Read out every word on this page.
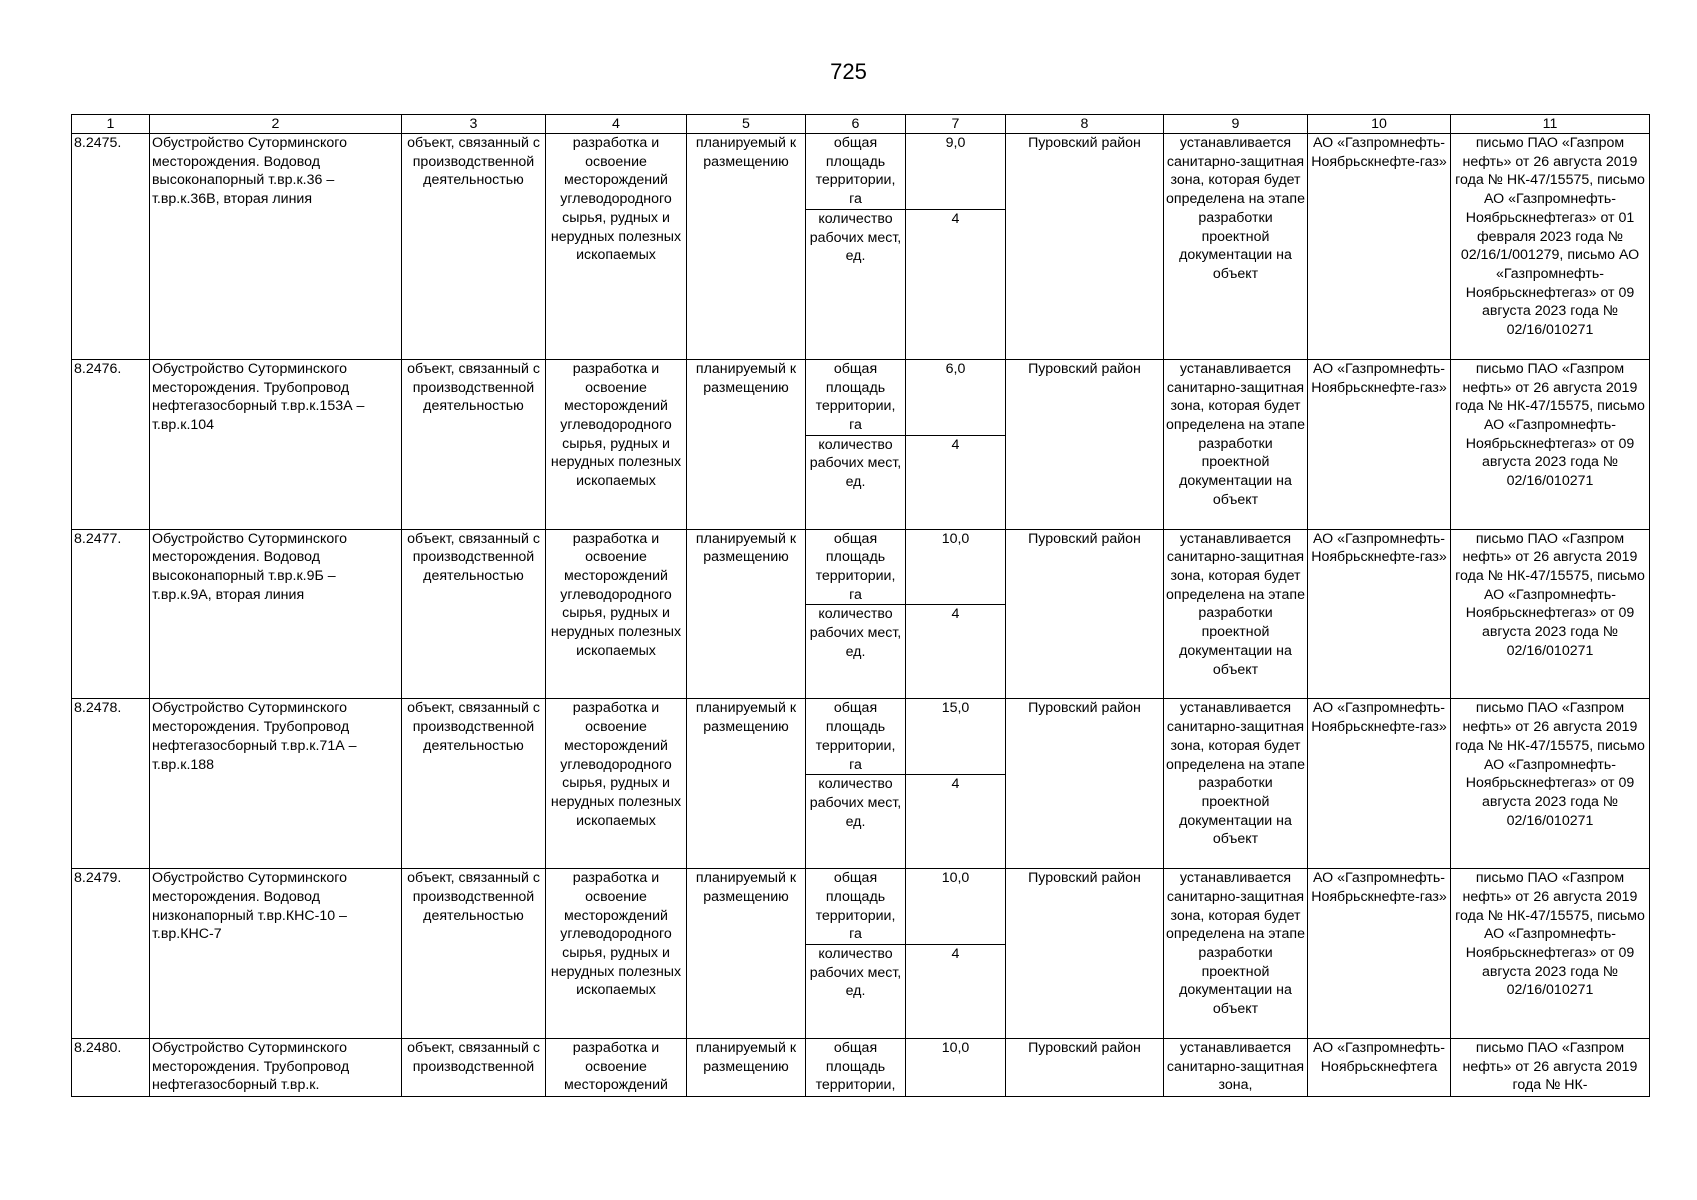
725
1	2	3	4	5	6	7	8	9	10	11
8.2475.	Обустройство Суторминского месторождения. Водовод высоконапорный т.вр.к.36 – т.вр.к.36В, вторая линия	объект, связанный с производственной деятельностью	разработка и освоение месторождений углеводородного сырья, рудных и нерудных полезных ископаемых	планируемый к размещению	общая площадь территории, га	9,0	Пуровский район	устанавливается санитарно-защитная зона, которая будет определена на этапе разработки проектной документации на объект	АО «Газпромнефть-Ноябрьскнефте-газ»	письмо ПАО «Газпром нефть» от 26 августа 2019 года № НК-47/15575, письмо АО «Газпромнефть-Ноябрьскнефтегаз» от 01 февраля 2023 года № 02/16/1/001279, письмо АО «Газпромнефть-Ноябрьскнефтегаз» от 09 августа 2023 года № 02/16/010271
					количество рабочих мест, ед.	4				
8.2476.	Обустройство Суторминского месторождения. Трубопровод нефтегазосборный т.вр.к.153А – т.вр.к.104	объект, связанный с производственной деятельностью	разработка и освоение месторождений углеводородного сырья, рудных и нерудных полезных ископаемых	планируемый к размещению	общая площадь территории, га	6,0	Пуровский район	устанавливается санитарно-защитная зона, которая будет определена на этапе разработки проектной документации на объект	АО «Газпромнефть-Ноябрьскнефте-газ»	письмо ПАО «Газпром нефть» от 26 августа 2019 года № НК-47/15575, письмо АО «Газпромнефть-Ноябрьскнефтегаз» от 09 августа 2023 года № 02/16/010271
					количество рабочих мест, ед.	4				
8.2477.	Обустройство Суторминского месторождения. Водовод высоконапорный т.вр.к.9Б – т.вр.к.9А, вторая линия	объект, связанный с производственной деятельностью	разработка и освоение месторождений углеводородного сырья, рудных и нерудных полезных ископаемых	планируемый к размещению	общая площадь территории, га	10,0	Пуровский район	устанавливается санитарно-защитная зона, которая будет определена на этапе разработки проектной документации на объект	АО «Газпромнефть-Ноябрьскнефте-газ»	письмо ПАО «Газпром нефть» от 26 августа 2019 года № НК-47/15575, письмо АО «Газпромнефть-Ноябрьскнефтегаз» от 09 августа 2023 года № 02/16/010271
					количество рабочих мест, ед.	4				
8.2478.	Обустройство Суторминского месторождения. Трубопровод нефтегазосборный т.вр.к.71А – т.вр.к.188	объект, связанный с производственной деятельностью	разработка и освоение месторождений углеводородного сырья, рудных и нерудных полезных ископаемых	планируемый к размещению	общая площадь территории, га	15,0	Пуровский район	устанавливается санитарно-защитная зона, которая будет определена на этапе разработки проектной документации на объект	АО «Газпромнефть-Ноябрьскнефте-газ»	письмо ПАО «Газпром нефть» от 26 августа 2019 года № НК-47/15575, письмо АО «Газпромнефть-Ноябрьскнефтегаз» от 09 августа 2023 года № 02/16/010271
					количество рабочих мест, ед.	4				
8.2479.	Обустройство Суторминского месторождения. Водовод низконапорный т.вр.КНС-10 – т.вр.КНС-7	объект, связанный с производственной деятельностью	разработка и освоение месторождений углеводородного сырья, рудных и нерудных полезных ископаемых	планируемый к размещению	общая площадь территории, га	10,0	Пуровский район	устанавливается санитарно-защитная зона, которая будет определена на этапе разработки проектной документации на объект	АО «Газпромнефть-Ноябрьскнефте-газ»	письмо ПАО «Газпром нефть» от 26 августа 2019 года № НК-47/15575, письмо АО «Газпромнефть-Ноябрьскнефтегаз» от 09 августа 2023 года № 02/16/010271
					количество рабочих мест, ед.	4				
8.2480.	Обустройство Суторминского месторождения. Трубопровод нефтегазосборный т.вр.к.	объект, связанный с производственной	разработка и освоение месторождений	планируемый к размещению	общая площадь территории,	10,0	Пуровский район	устанавливается санитарно-защитная зона,	АО «Газпромнефть-Ноябрьскнефтега	письмо ПАО «Газпром нефть» от 26 августа 2019 года № НК-
